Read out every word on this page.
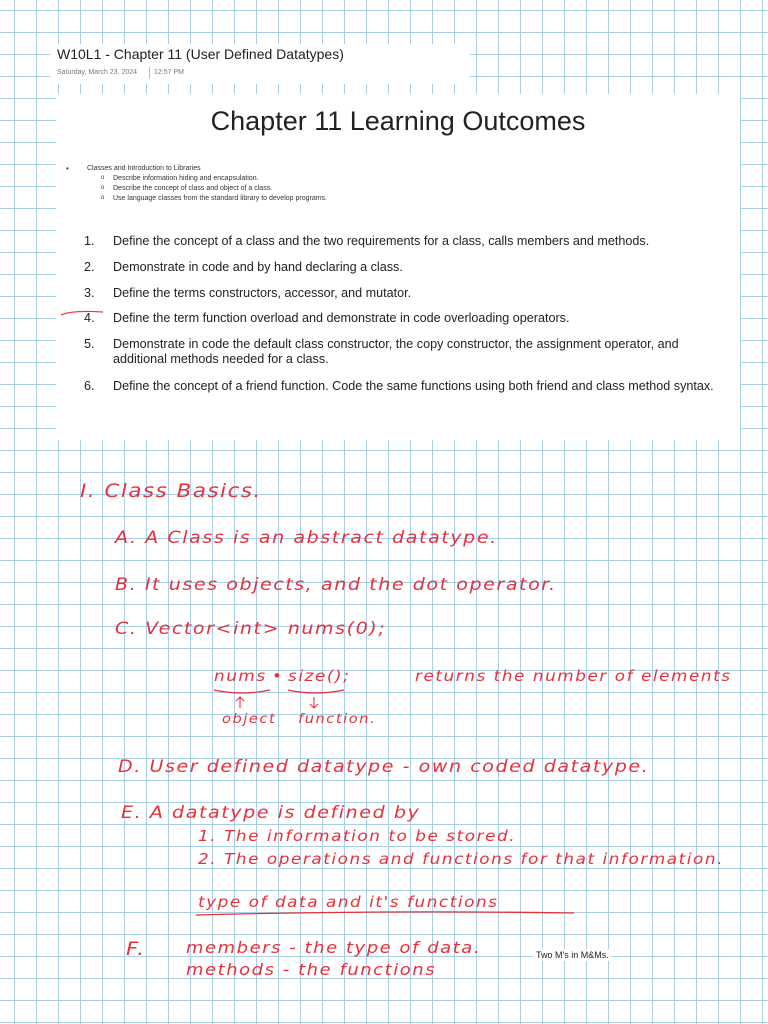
W10L1 - Chapter 11 (User Defined Datatypes)
Saturday, March 23, 2024 12:57 PM
Chapter 11 Learning Outcomes
•	Classes and Introduction to Libraries
o Describe information hiding and encapsulation.
o Describe the concept of class and object of a class.
o Use language classes from the standard library to develop programs.
1. Define the concept of a class and the two requirements for a class, calls members and methods.
2. Demonstrate in code and by hand declaring a class.
3. Define the terms constructors, accessor, and mutator.
4. Define the term function overload and demonstrate in code overloading operators.
5. Demonstrate in code the default class constructor, the copy constructor, the assignment operator, and additional methods needed for a class.
6. Define the concept of a friend function. Code the same functions using both friend and class method syntax.
I. Class Basics.
A. A Class is an abstract datatype.
B. It uses objects, and the dot operator.
C. Vector<int> nums(0);
nums • size();	returns the number of elements
object function.
D. User defined datatype - own coded datatype.
E. A datatype is defined by
1. The information to be stored.
2. The operations and functions for that information.
type of data and it's functions
F.	members - the type of data.
methods - the functions
Two M's in M&Ms.
